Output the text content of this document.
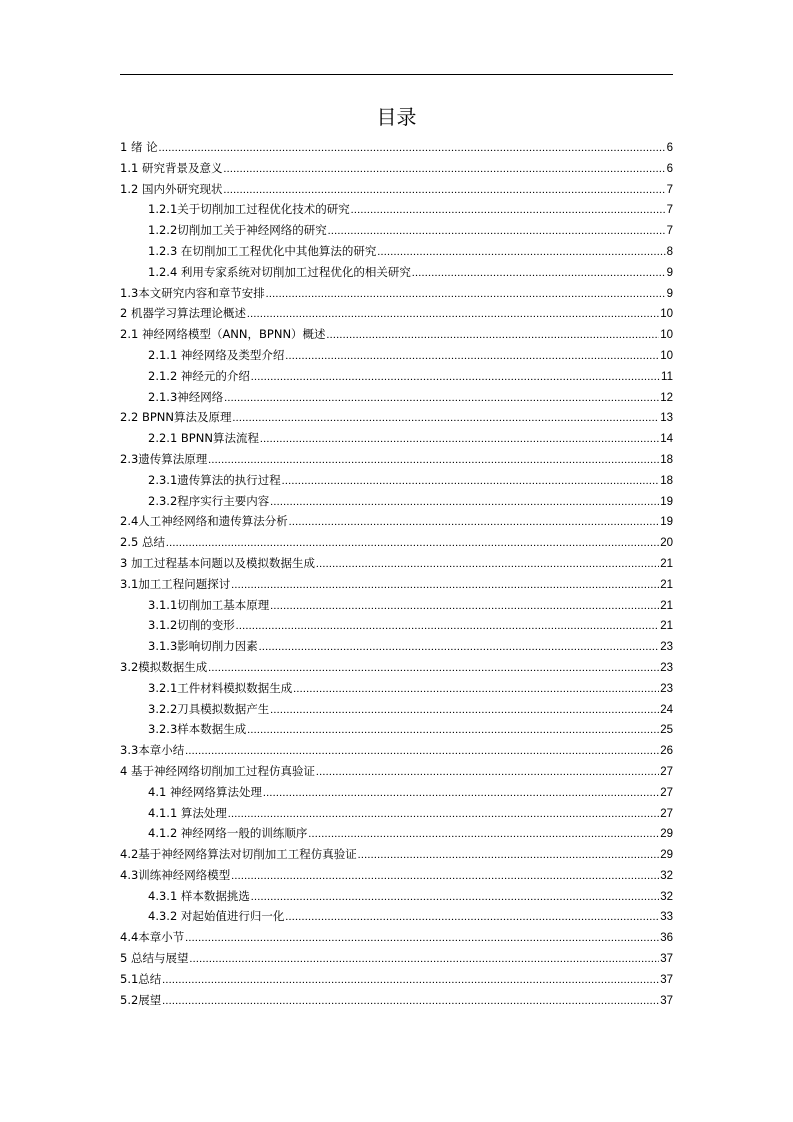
目录
1 绪 论 .....	6
1.1 研究背景及意义 .....	6
1.2 国内外研究现状 .....	7
1.2.1关于切削加工过程优化技术的研究 .....	7
1.2.2切削加工关于神经网络的研究 .....	7
1.2.3 在切削加工工程优化中其他算法的研究 .....	8
1.2.4 利用专家系统对切削加工过程优化的相关研究 .....	9
1.3本文研究内容和章节安排 .....	9
2 机器学习算法理论概述 .....	10
2.1 神经网络模型（ANN，BPNN）概述 .....	10
2.1.1 神经网络及类型介绍 .....	10
2.1.2 神经元的介绍 .....	11
2.1.3神经网络 .....	12
2.2 BPNN算法及原理 .....	13
2.2.1 BPNN算法流程 .....	14
2.3遗传算法原理 .....	18
2.3.1遗传算法的执行过程 .....	18
2.3.2程序实行主要内容 .....	19
2.4人工神经网络和遗传算法分析 .....	19
2.5 总结 .....	20
3 加工过程基本问题以及模拟数据生成 .....	21
3.1加工工程问题探讨 .....	21
3.1.1切削加工基本原理 .....	21
3.1.2切削的变形 .....	21
3.1.3影响切削力因素 .....	23
3.2模拟数据生成 .....	23
3.2.1工件材料模拟数据生成 .....	23
3.2.2刀具模拟数据产生 .....	24
3.2.3样本数据生成 .....	25
3.3本章小结 .....	26
4 基于神经网络切削加工过程仿真验证 .....	27
4.1 神经网络算法处理 .....	27
4.1.1 算法处理 .....	27
4.1.2 神经网络一般的训练顺序 .....	29
4.2基于神经网络算法对切削加工工程仿真验证 .....	29
4.3训练神经网络模型 .....	32
4.3.1 样本数据挑选 .....	32
4.3.2 对起始值进行归一化 .....	33
4.4本章小节 .....	36
5 总结与展望 .....	37
5.1总结 .....	37
5.2展望 .....	37
